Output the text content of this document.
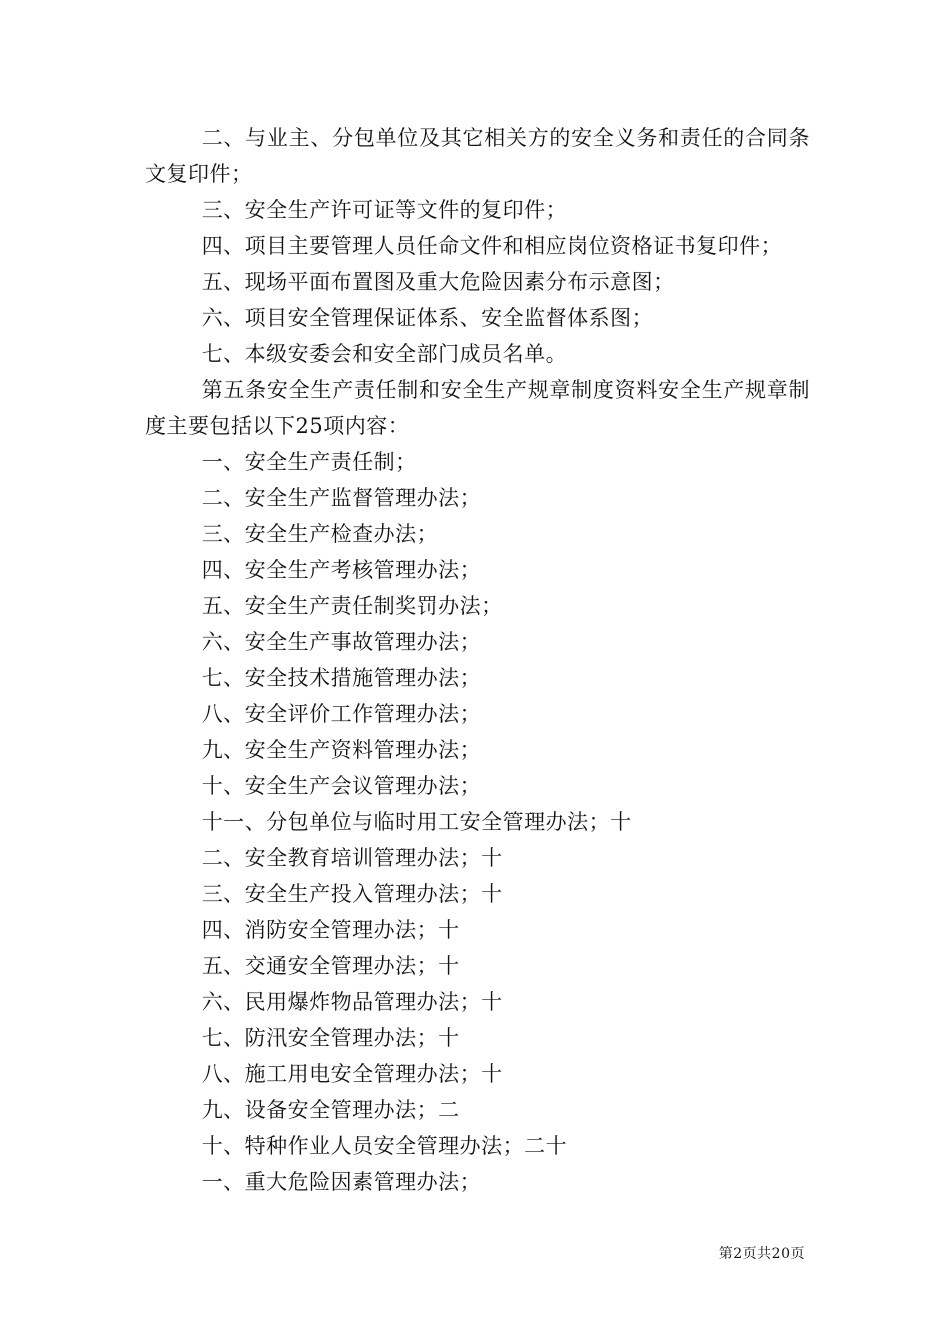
二、与业主、分包单位及其它相关方的安全义务和责任的合同条文复印件；

三、安全生产许可证等文件的复印件；

四、项目主要管理人员任命文件和相应岗位资格证书复印件；

五、现场平面布置图及重大危险因素分布示意图；

六、项目安全管理保证体系、安全监督体系图；

七、本级安委会和安全部门成员名单。

第五条安全生产责任制和安全生产规章制度资料安全生产规章制度主要包括以下25项内容：

一、安全生产责任制；

二、安全生产监督管理办法；

三、安全生产检查办法；

四、安全生产考核管理办法；

五、安全生产责任制奖罚办法；

六、安全生产事故管理办法；

七、安全技术措施管理办法；

八、安全评价工作管理办法；

九、安全生产资料管理办法；

十、安全生产会议管理办法；

十一、分包单位与临时用工安全管理办法；十

二、安全教育培训管理办法；十

三、安全生产投入管理办法；十

四、消防安全管理办法；十

五、交通安全管理办法；十

六、民用爆炸物品管理办法；十

七、防汛安全管理办法；十

八、施工用电安全管理办法；十

九、设备安全管理办法；二

十、特种作业人员安全管理办法；二十

一、重大危险因素管理办法；

第2页共20页
